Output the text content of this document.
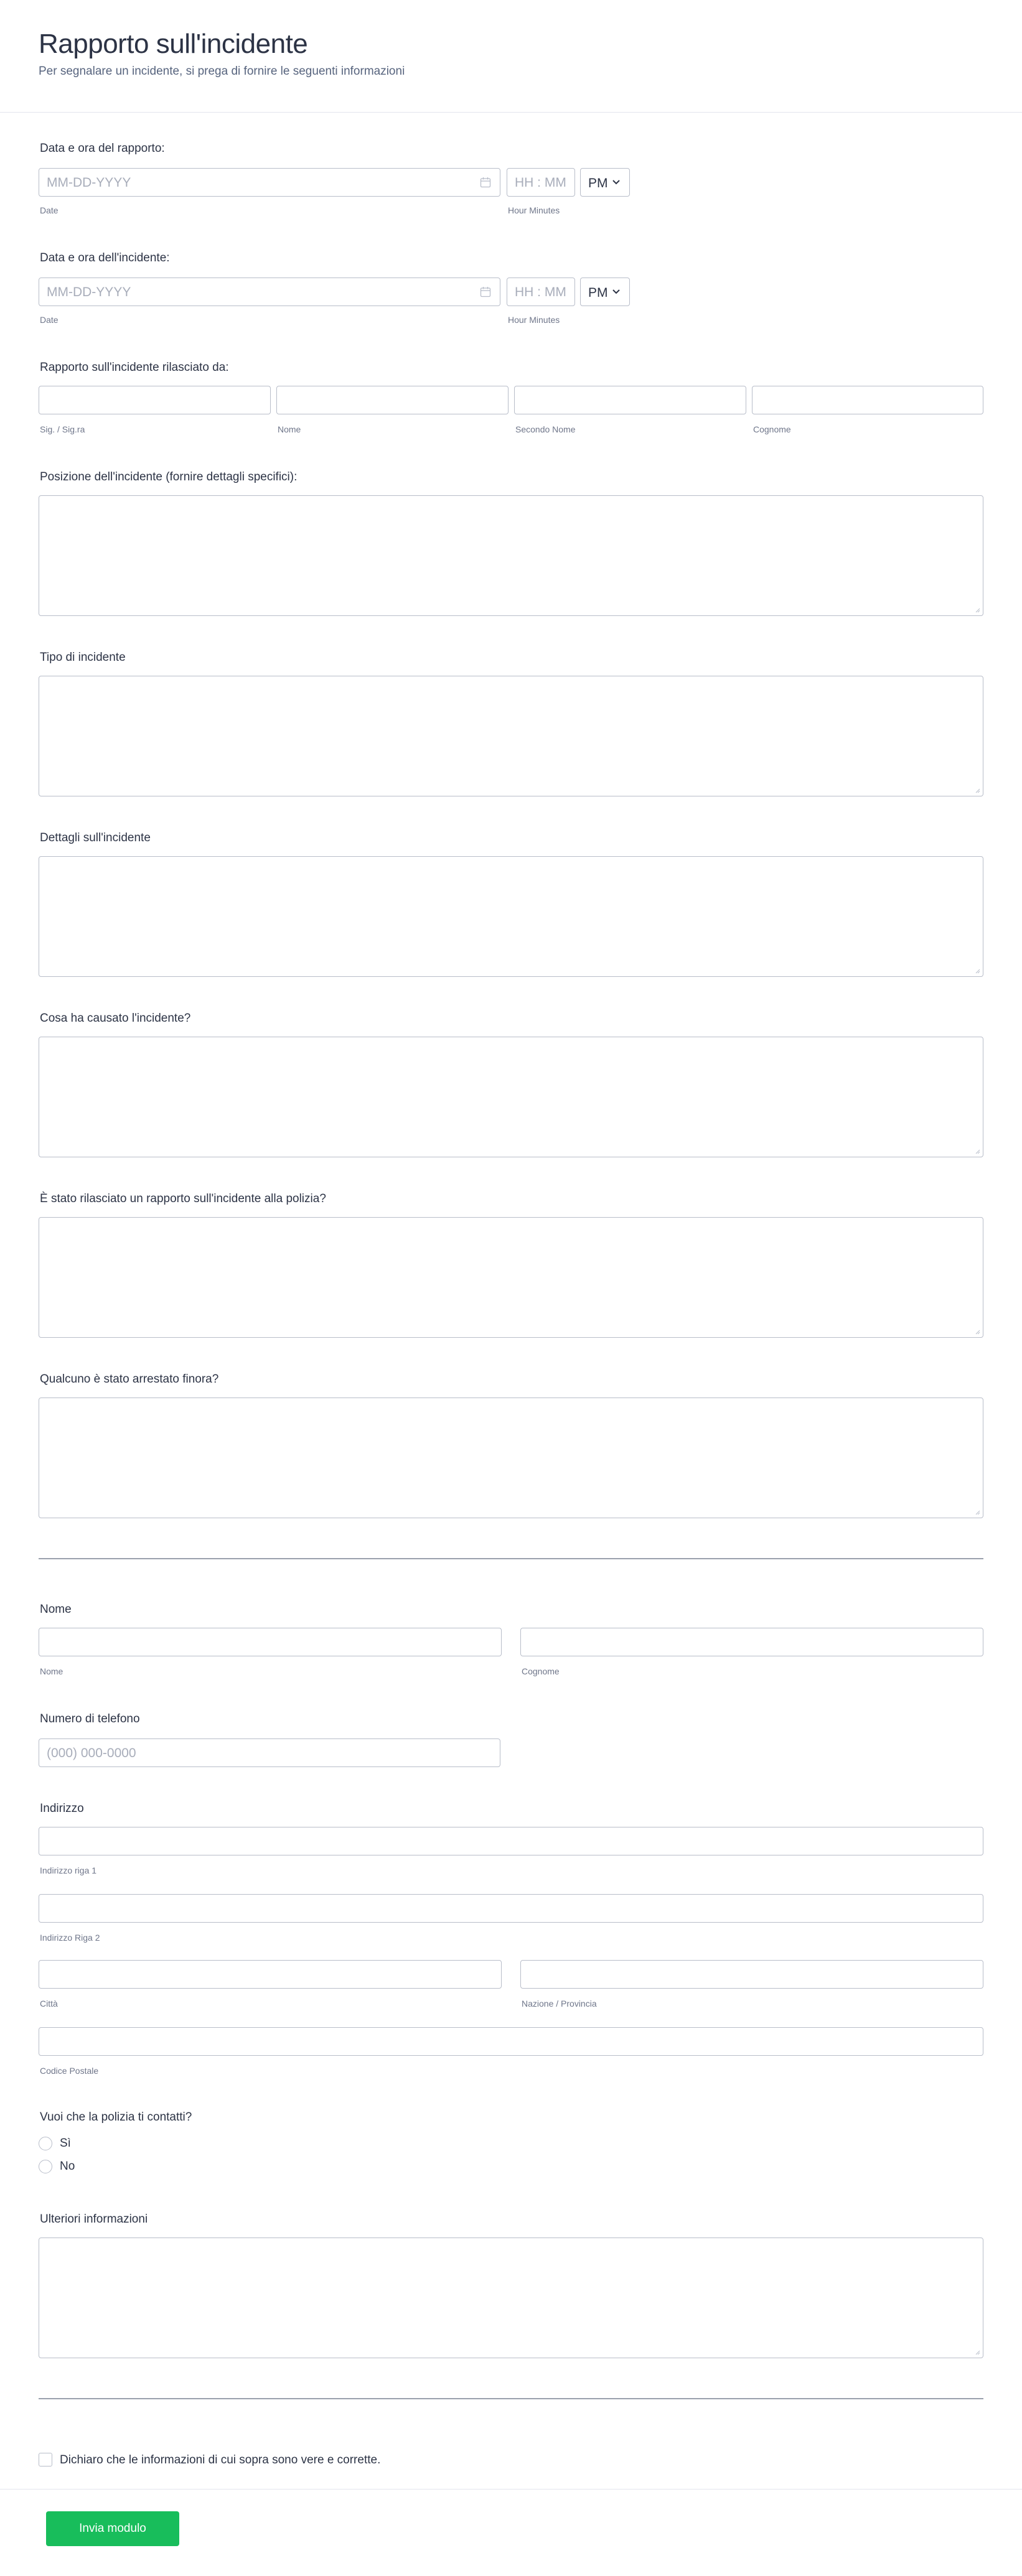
Rapporto sull'incidente
Per segnalare un incidente, si prega di fornire le seguenti informazioni
Data e ora del rapporto:
MM-DD-YYYY
Date
HH : MM
Hour Minutes
PM
Data e ora dell'incidente:
MM-DD-YYYY
Date
HH : MM
Hour Minutes
PM
Rapporto sull'incidente rilasciato da:
Sig. / Sig.ra	Nome	Secondo Nome	Cognome
Posizione dell'incidente (fornire dettagli specifici):
Tipo di incidente
Dettagli sull'incidente
Cosa ha causato l'incidente?
È stato rilasciato un rapporto sull'incidente alla polizia?
Qualcuno è stato arrestato finora?
Nome
Nome	Cognome
Numero di telefono
(000) 000-0000
Indirizzo
Indirizzo riga 1
Indirizzo Riga 2
Città	Nazione / Provincia
Codice Postale
Vuoi che la polizia ti contatti?
Sì
No
Ulteriori informazioni
Dichiaro che le informazioni di cui sopra sono vere e corrette.
Invia modulo
